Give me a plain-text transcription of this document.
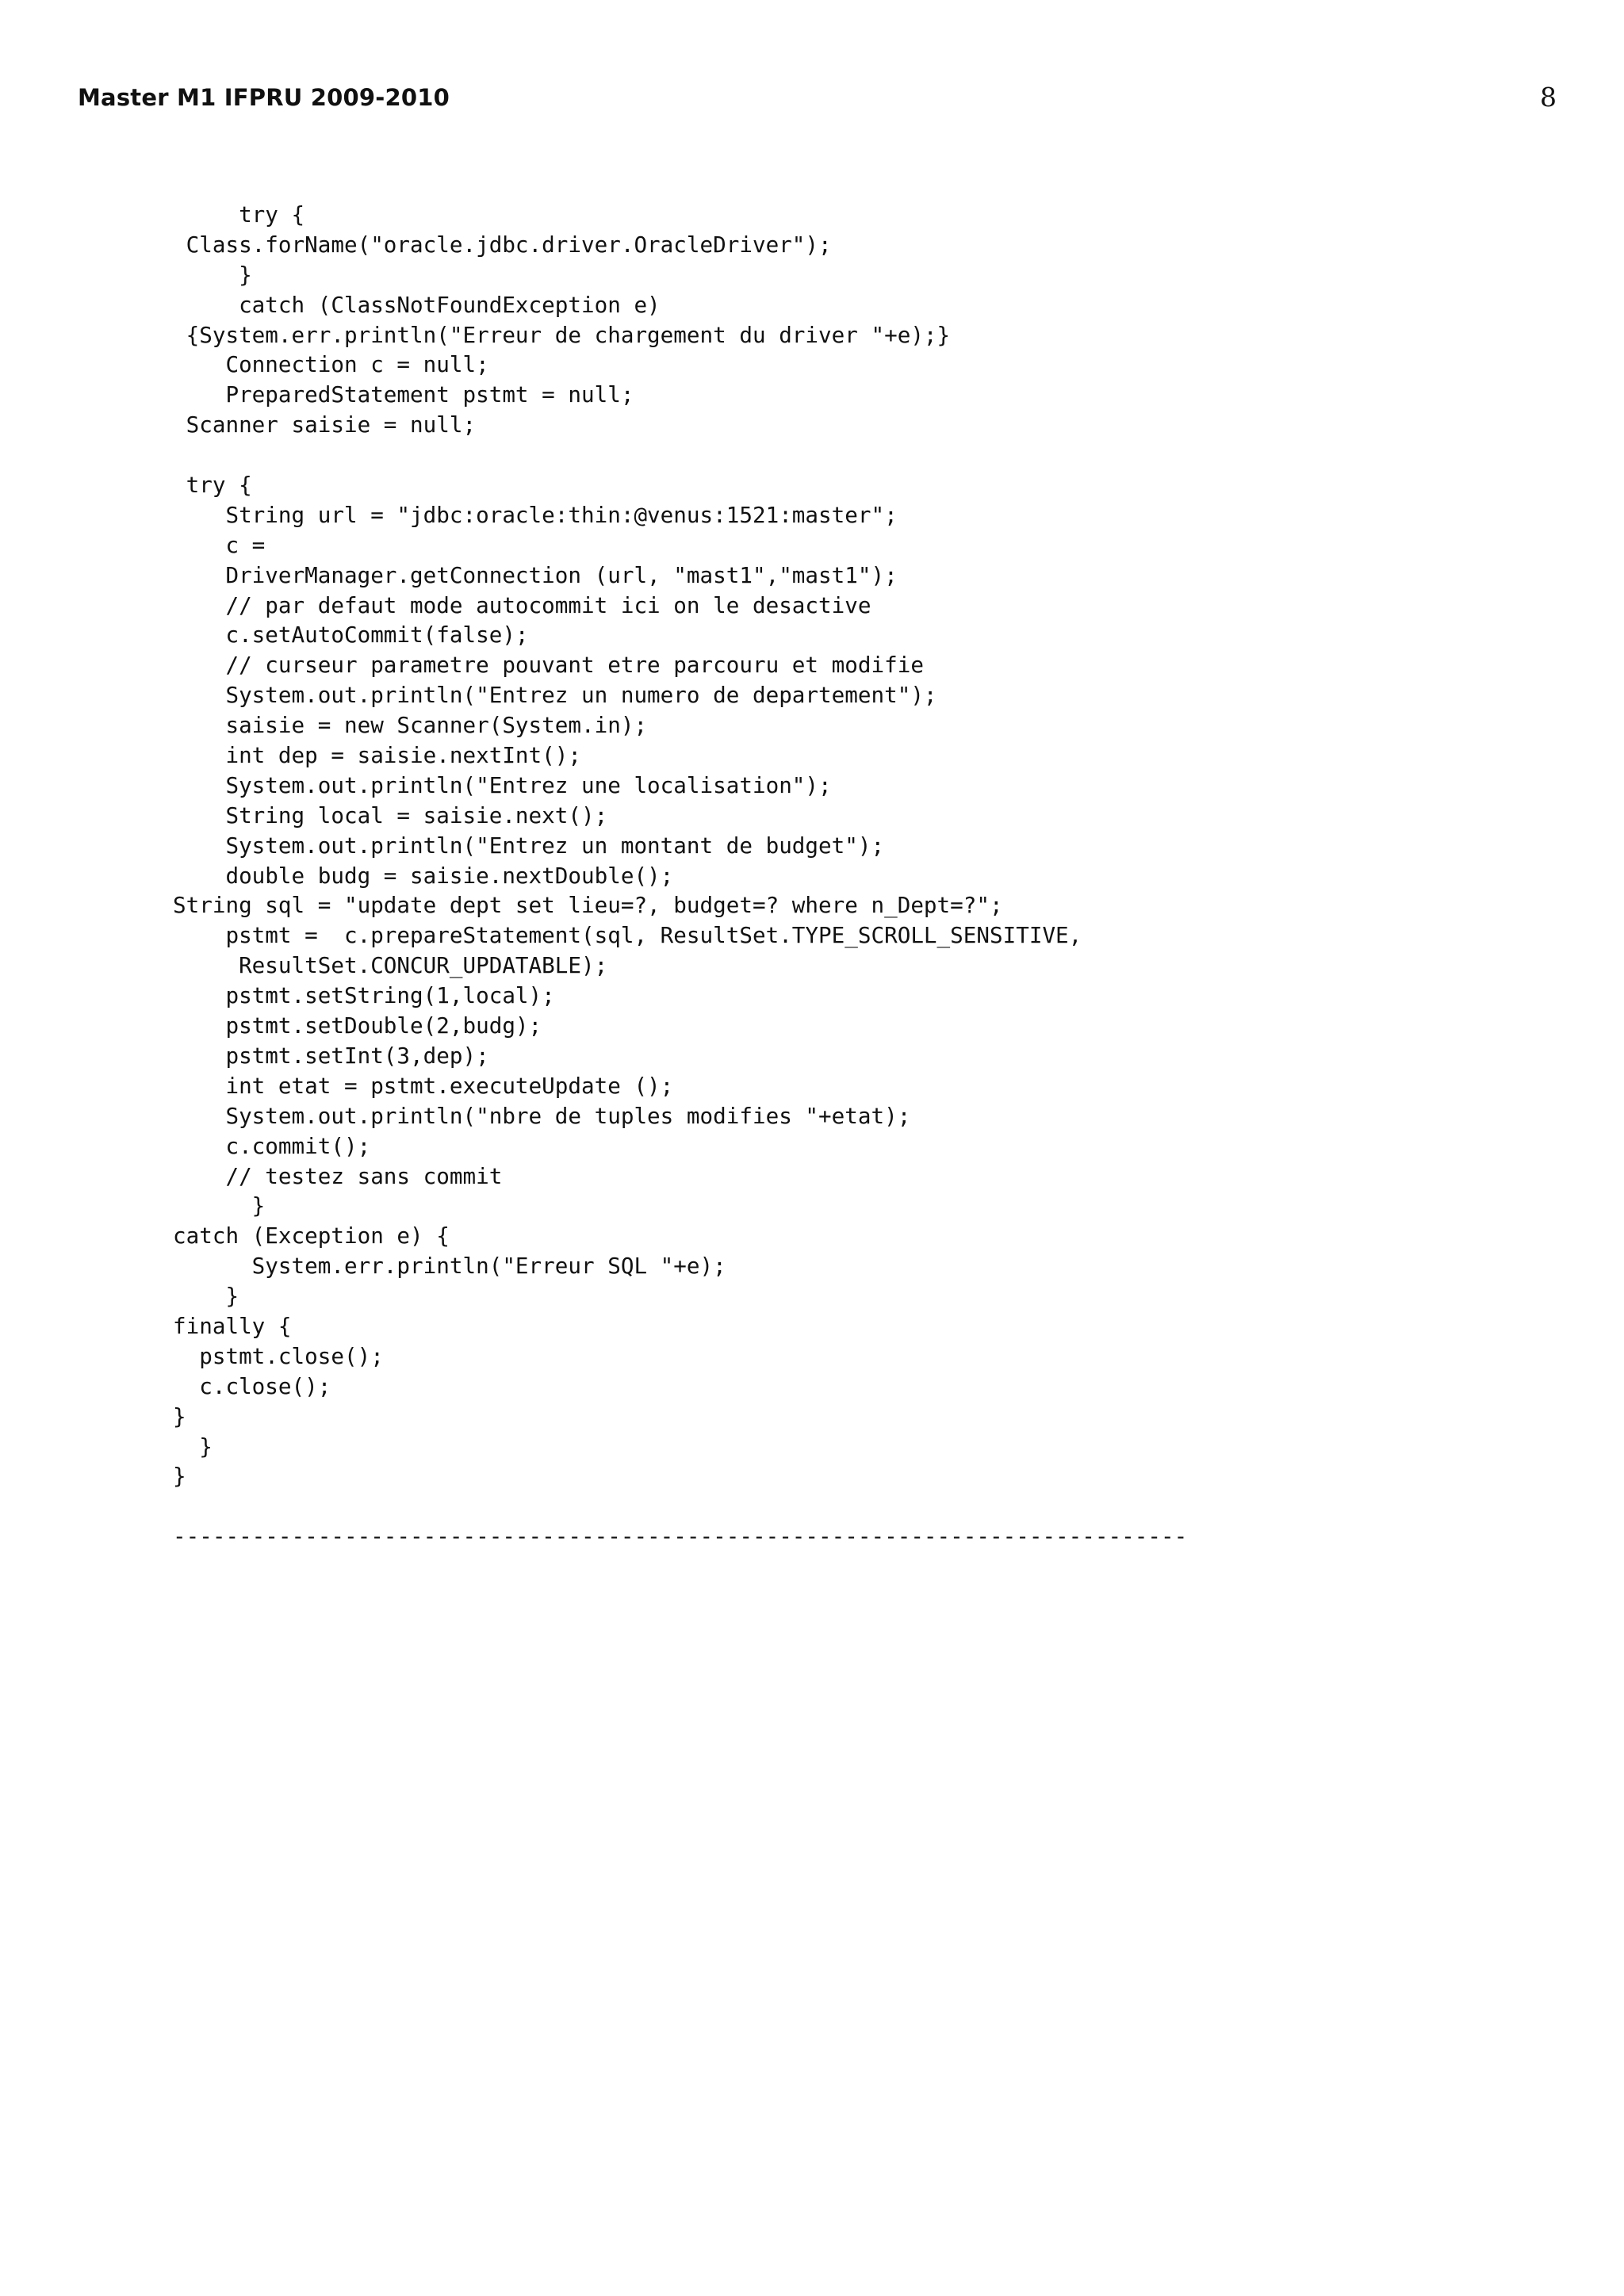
Master M1 IFPRU 2009-2010	8
try {
Class.forName("oracle.jdbc.driver.OracleDriver");
}
catch (ClassNotFoundException e)
{System.err.println("Erreur de chargement du driver "+e);}
Connection c = null;
PreparedStatement pstmt = null;
Scanner saisie = null;
try {
String url = "jdbc:oracle:thin:@venus:1521:master";
c =
DriverManager.getConnection (url, "mast1","mast1");
// par defaut mode autocommit ici on le desactive
c.setAutoCommit(false);
// curseur parametre pouvant etre parcouru et modifie
System.out.println("Entrez un numero de departement");
saisie = new Scanner(System.in);
int dep = saisie.nextInt();
System.out.println("Entrez une localisation");
String local = saisie.next();
System.out.println("Entrez un montant de budget");
double budg = saisie.nextDouble();
String sql = "update dept set lieu=?, budget=? where n_Dept=?";
pstmt =  c.prepareStatement(sql, ResultSet.TYPE_SCROLL_SENSITIVE,
ResultSet.CONCUR_UPDATABLE);
pstmt.setString(1,local);
pstmt.setDouble(2,budg);
pstmt.setInt(3,dep);
int etat = pstmt.executeUpdate ();
System.out.println("nbre de tuples modifies "+etat);
c.commit();
// testez sans commit
}
catch (Exception e) {
System.err.println("Erreur SQL "+e);
}
finally {
pstmt.close();
c.close();
}
}
}
-----------------------------------------------------------------------------
